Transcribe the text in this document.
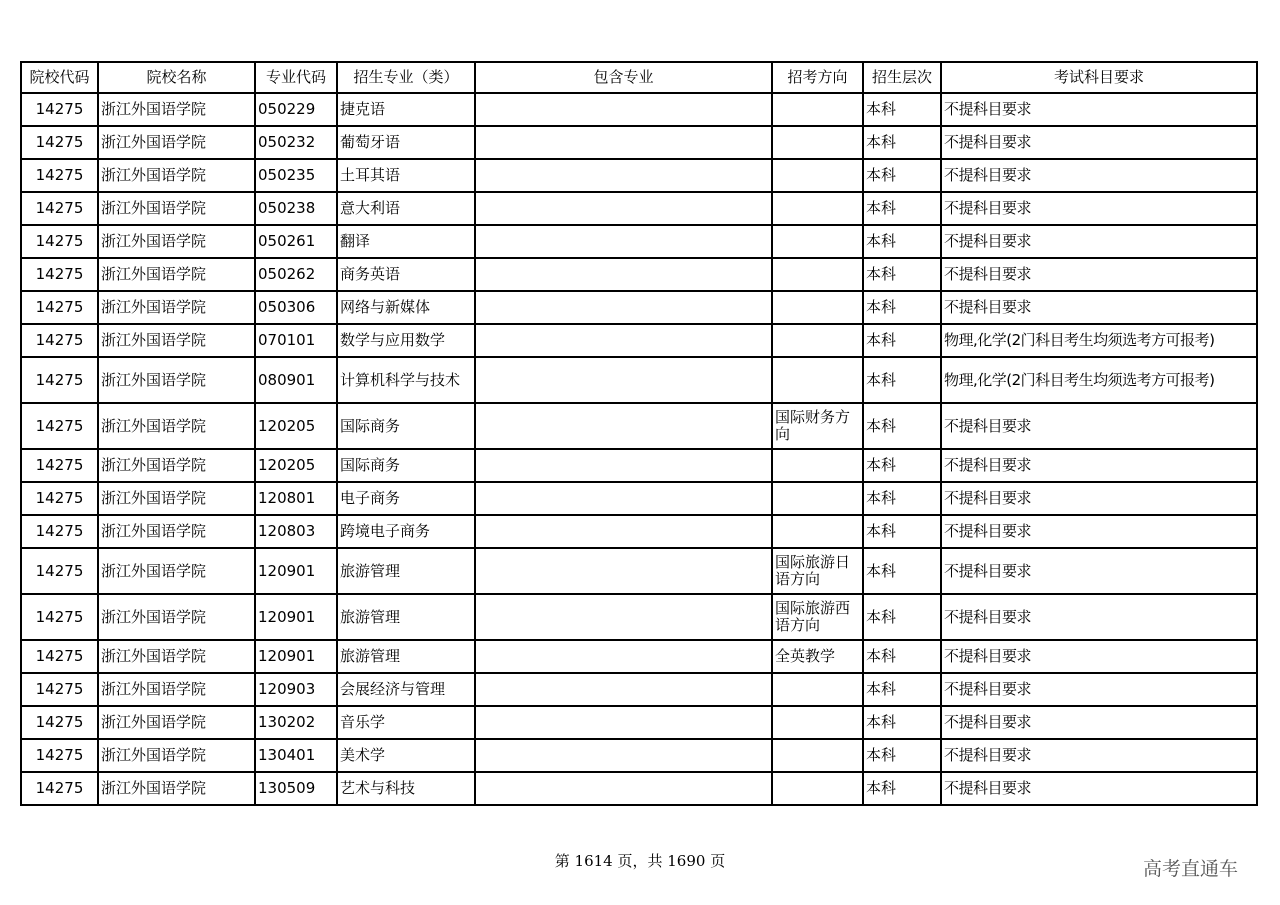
院校代码	院校名称	专业代码	招生专业（类）	包含专业	招考方向	招生层次	考试科目要求
14275	浙江外国语学院	050229	捷克语			本科	不提科目要求
14275	浙江外国语学院	050232	葡萄牙语			本科	不提科目要求
14275	浙江外国语学院	050235	土耳其语			本科	不提科目要求
14275	浙江外国语学院	050238	意大利语			本科	不提科目要求
14275	浙江外国语学院	050261	翻译			本科	不提科目要求
14275	浙江外国语学院	050262	商务英语			本科	不提科目要求
14275	浙江外国语学院	050306	网络与新媒体			本科	不提科目要求
14275	浙江外国语学院	070101	数学与应用数学			本科	物理,化学(2门科目考生均须选考方可报考)
14275	浙江外国语学院	080901	计算机科学与技术			本科	物理,化学(2门科目考生均须选考方可报考)
14275	浙江外国语学院	120205	国际商务		国际财务方向	本科	不提科目要求
14275	浙江外国语学院	120205	国际商务			本科	不提科目要求
14275	浙江外国语学院	120801	电子商务			本科	不提科目要求
14275	浙江外国语学院	120803	跨境电子商务			本科	不提科目要求
14275	浙江外国语学院	120901	旅游管理		国际旅游日语方向	本科	不提科目要求
14275	浙江外国语学院	120901	旅游管理		国际旅游西语方向	本科	不提科目要求
14275	浙江外国语学院	120901	旅游管理		全英教学	本科	不提科目要求
14275	浙江外国语学院	120903	会展经济与管理			本科	不提科目要求
14275	浙江外国语学院	130202	音乐学			本科	不提科目要求
14275	浙江外国语学院	130401	美术学			本科	不提科目要求
14275	浙江外国语学院	130509	艺术与科技			本科	不提科目要求
第 1614 页，共 1690 页	高考直通车
